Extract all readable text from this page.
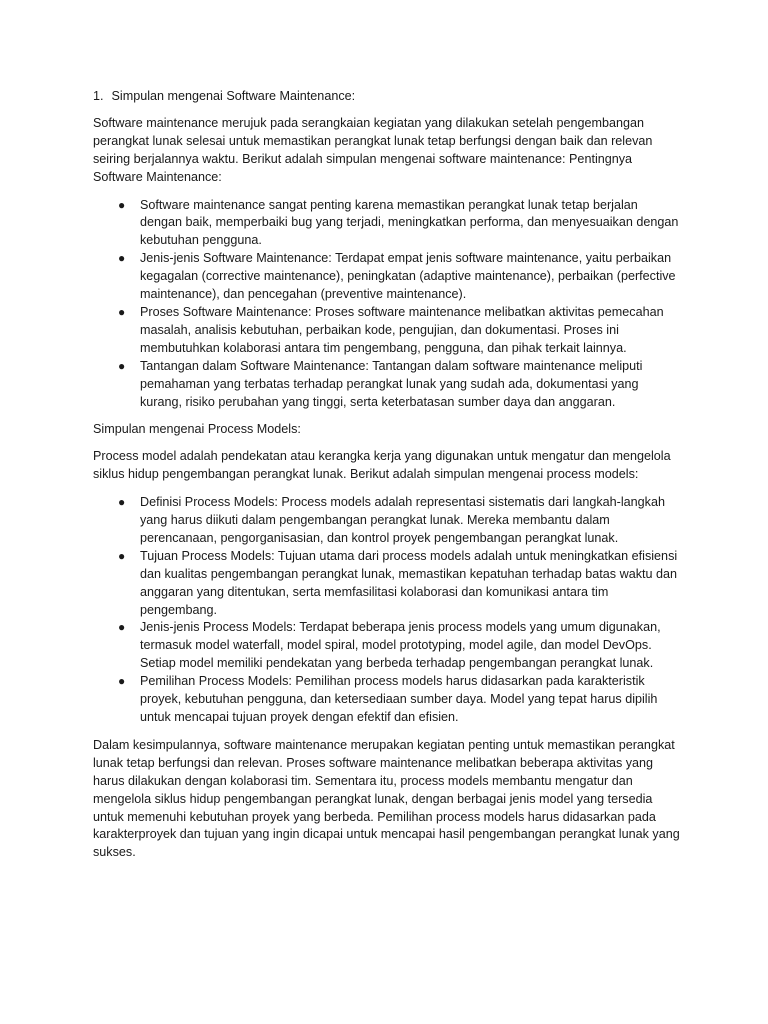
1. Simpulan mengenai Software Maintenance:

Software maintenance merujuk pada serangkaian kegiatan yang dilakukan setelah pengembangan perangkat lunak selesai untuk memastikan perangkat lunak tetap berfungsi dengan baik dan relevan seiring berjalannya waktu. Berikut adalah simpulan mengenai software maintenance: Pentingnya Software Maintenance:

● Software maintenance sangat penting karena memastikan perangkat lunak tetap berjalan dengan baik, memperbaiki bug yang terjadi, meningkatkan performa, dan menyesuaikan dengan kebutuhan pengguna.
● Jenis-jenis Software Maintenance: Terdapat empat jenis software maintenance, yaitu perbaikan kegagalan (corrective maintenance), peningkatan (adaptive maintenance), perbaikan (perfective maintenance), dan pencegahan (preventive maintenance).
● Proses Software Maintenance: Proses software maintenance melibatkan aktivitas pemecahan masalah, analisis kebutuhan, perbaikan kode, pengujian, dan dokumentasi. Proses ini membutuhkan kolaborasi antara tim pengembang, pengguna, dan pihak terkait lainnya.
● Tantangan dalam Software Maintenance: Tantangan dalam software maintenance meliputi pemahaman yang terbatas terhadap perangkat lunak yang sudah ada, dokumentasi yang kurang, risiko perubahan yang tinggi, serta keterbatasan sumber daya dan anggaran.

Simpulan mengenai Process Models:

Process model adalah pendekatan atau kerangka kerja yang digunakan untuk mengatur dan mengelola siklus hidup pengembangan perangkat lunak. Berikut adalah simpulan mengenai process models:

● Definisi Process Models: Process models adalah representasi sistematis dari langkah-langkah yang harus diikuti dalam pengembangan perangkat lunak. Mereka membantu dalam perencanaan, pengorganisasian, dan kontrol proyek pengembangan perangkat lunak.
● Tujuan Process Models: Tujuan utama dari process models adalah untuk meningkatkan efisiensi dan kualitas pengembangan perangkat lunak, memastikan kepatuhan terhadap batas waktu dan anggaran yang ditentukan, serta memfasilitasi kolaborasi dan komunikasi antara tim pengembang.
● Jenis-jenis Process Models: Terdapat beberapa jenis process models yang umum digunakan, termasuk model waterfall, model spiral, model prototyping, model agile, dan model DevOps. Setiap model memiliki pendekatan yang berbeda terhadap pengembangan perangkat lunak.
● Pemilihan Process Models: Pemilihan process models harus didasarkan pada karakteristik proyek, kebutuhan pengguna, dan ketersediaan sumber daya. Model yang tepat harus dipilih untuk mencapai tujuan proyek dengan efektif dan efisien.

Dalam kesimpulannya, software maintenance merupakan kegiatan penting untuk memastikan perangkat lunak tetap berfungsi dan relevan. Proses software maintenance melibatkan beberapa aktivitas yang harus dilakukan dengan kolaborasi tim. Sementara itu, process models membantu mengatur dan mengelola siklus hidup pengembangan perangkat lunak, dengan berbagai jenis model yang tersedia untuk memenuhi kebutuhan proyek yang berbeda. Pemilihan process models harus didasarkan pada karakterproyek dan tujuan yang ingin dicapai untuk mencapai hasil pengembangan perangkat lunak yang sukses.
